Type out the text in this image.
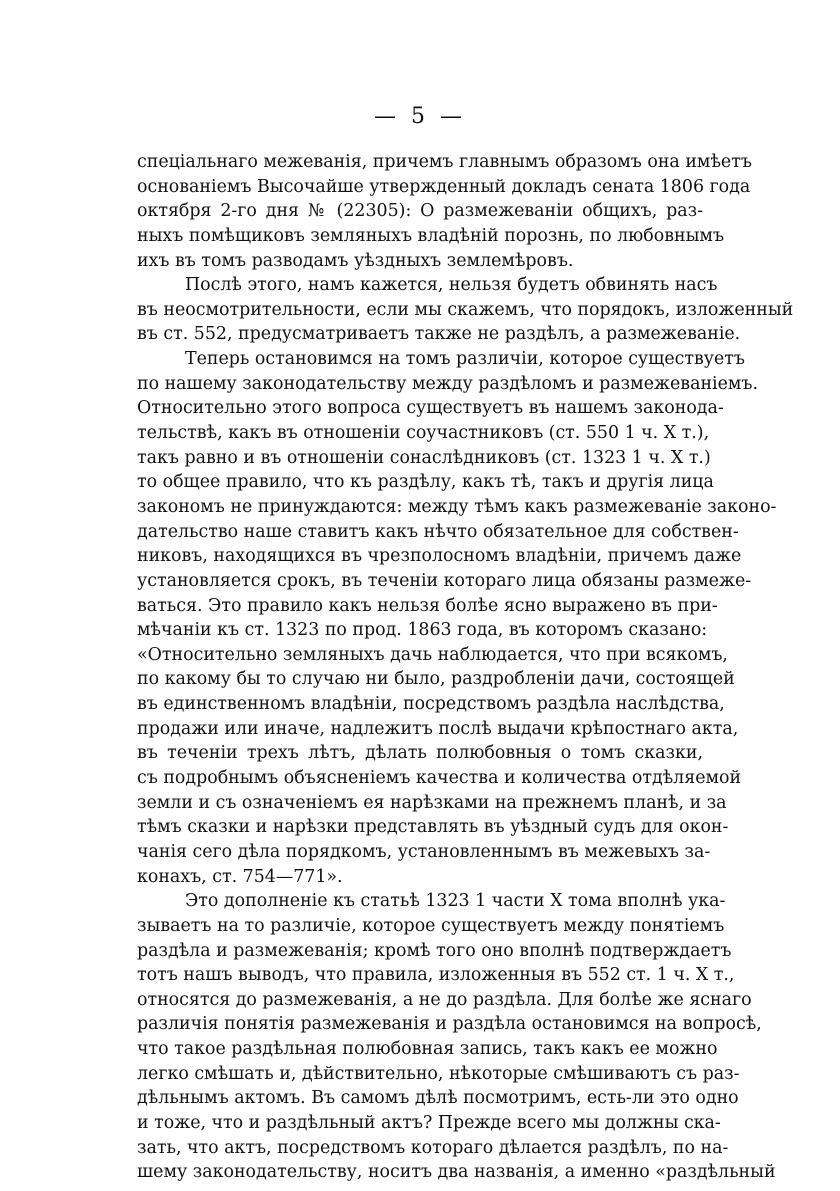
— 5 —
спеціальнаго межеванія, причемъ главнымъ образомъ она имѣетъ
основаніемъ Высочайше утвержденный докладъ сената 1806 года
октября 2-го дня № (22305): О размежеваніи общихъ, раз-
ныхъ помѣщиковъ земляныхъ владѣній порознь, по любовнымъ
ихъ въ томъ разводамъ уѣздныхъ землемѣровъ.
Послѣ этого, намъ кажется, нельзя будетъ обвинять насъ
въ неосмотрительности, если мы скажемъ, что порядокъ, изложенный
въ ст. 552, предусматриваетъ также не раздѣлъ, а размежеваніе.
Теперь остановимся на томъ различіи, которое существуетъ
по нашему законодательству между раздѣломъ и размежеваніемъ.
Относительно этого вопроса существуетъ въ нашемъ законода-
тельствѣ, какъ въ отношеніи соучастниковъ (ст. 550 1 ч. X т.),
такъ равно и въ отношеніи сонаслѣдниковъ (ст. 1323 1 ч. X т.)
то общее правило, что къ раздѣлу, какъ тѣ, такъ и другія лица
закономъ не принуждаются: между тѣмъ какъ размежеваніе законо-
дательство наше ставитъ какъ нѣчто обязательное для собствен-
никовъ, находящихся въ чрезполосномъ владѣніи, причемъ даже
установляется срокъ, въ теченіи котораго лица обязаны размеже-
ваться. Это правило какъ нельзя болѣе ясно выражено въ при-
мѣчаніи къ ст. 1323 по прод. 1863 года, въ которомъ сказано:
«Относительно земляныхъ дачь наблюдается, что при всякомъ,
по какому бы то случаю ни было, раздробленіи дачи, состоящей
въ единственномъ владѣніи, посредствомъ раздѣла наслѣдства,
продажи или иначе, надлежитъ послѣ выдачи крѣпостнаго акта,
въ теченіи трехъ лѣтъ, дѣлать полюбовныя о томъ сказки,
съ подробнымъ объясненіемъ качества и количества отдѣляемой
земли и съ означеніемъ ея нарѣзками на прежнемъ планѣ, и за
тѣмъ сказки и нарѣзки представлять въ уѣздный судъ для окон-
чанія сего дѣла порядкомъ, установленнымъ въ межевыхъ за-
конахъ, ст. 754—771».
Это дополненіе къ статьѣ 1323 1 части X тома вполнѣ ука-
зываетъ на то различіе, которое существуетъ между понятіемъ
раздѣла и размежеванія; кромѣ того оно вполнѣ подтверждаетъ
тотъ нашъ выводъ, что правила, изложенныя въ 552 ст. 1 ч. X т.,
относятся до размежеванія, а не до раздѣла. Для болѣе же яснаго
различія понятія размежеванія и раздѣла остановимся на вопросѣ,
что такое раздѣльная полюбовная запись, такъ какъ ее можно
легко смѣшать и, дѣйствительно, нѣкоторые смѣшиваютъ съ раз-
дѣльнымъ актомъ. Въ самомъ дѣлѣ посмотримъ, есть-ли это одно
и тоже, что и раздѣльный актъ? Прежде всего мы должны ска-
зать, что актъ, посредствомъ котораго дѣлается раздѣлъ, по на-
шему законодательству, носитъ два названія, а именно «раздѣльный
